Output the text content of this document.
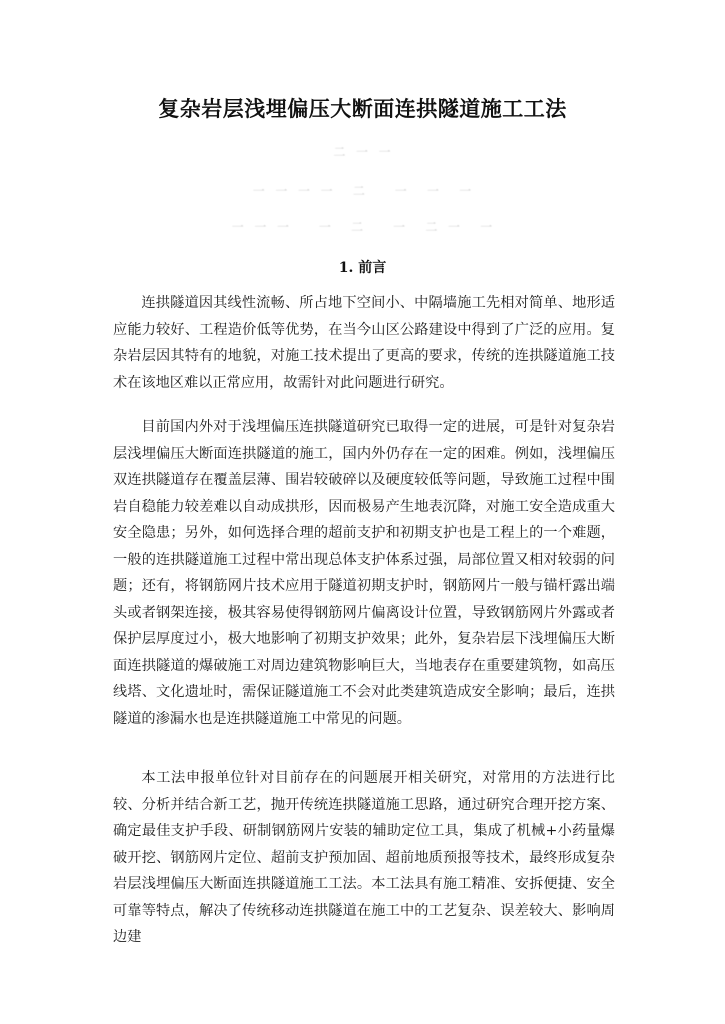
复杂岩层浅埋偏压大断面连拱隧道施工工法
二  一  一
一  一  一  一    二      一    一    一
一  一  一      一    二      一    二  一    一
1. 前言

连拱隧道因其线性流畅、所占地下空间小、中隔墙施工先相对简单、地形适应能力较好、工程造价低等优势，在当今山区公路建设中得到了广泛的应用。复杂岩层因其特有的地貌，对施工技术提出了更高的要求，传统的连拱隧道施工技术在该地区难以正常应用，故需针对此问题进行研究。

目前国内外对于浅埋偏压连拱隧道研究已取得一定的进展，可是针对复杂岩层浅埋偏压大断面连拱隧道的施工，国内外仍存在一定的困难。例如，浅埋偏压双连拱隧道存在覆盖层薄、围岩较破碎以及硬度较低等问题，导致施工过程中围岩自稳能力较差难以自动成拱形，因而极易产生地表沉降，对施工安全造成重大安全隐患；另外，如何选择合理的超前支护和初期支护也是工程上的一个难题，一般的连拱隧道施工过程中常出现总体支护体系过强，局部位置又相对较弱的问题；还有，将钢筋网片技术应用于隧道初期支护时，钢筋网片一般与锚杆露出端头或者钢架连接，极其容易使得钢筋网片偏离设计位置，导致钢筋网片外露或者保护层厚度过小，极大地影响了初期支护效果；此外，复杂岩层下浅埋偏压大断面连拱隧道的爆破施工对周边建筑物影响巨大，当地表存在重要建筑物，如高压线塔、文化遗址时，需保证隧道施工不会对此类建筑造成安全影响；最后，连拱隧道的渗漏水也是连拱隧道施工中常见的问题。

本工法申报单位针对目前存在的问题展开相关研究，对常用的方法进行比较、分析并结合新工艺，抛开传统连拱隧道施工思路，通过研究合理开挖方案、确定最佳支护手段、研制钢筋网片安装的辅助定位工具，集成了机械+小药量爆破开挖、钢筋网片定位、超前支护预加固、超前地质预报等技术，最终形成复杂岩层浅埋偏压大断面连拱隧道施工工法。本工法具有施工精准、安拆便捷、安全可靠等特点，解决了传统移动连拱隧道在施工中的工艺复杂、误差较大、影响周边建
